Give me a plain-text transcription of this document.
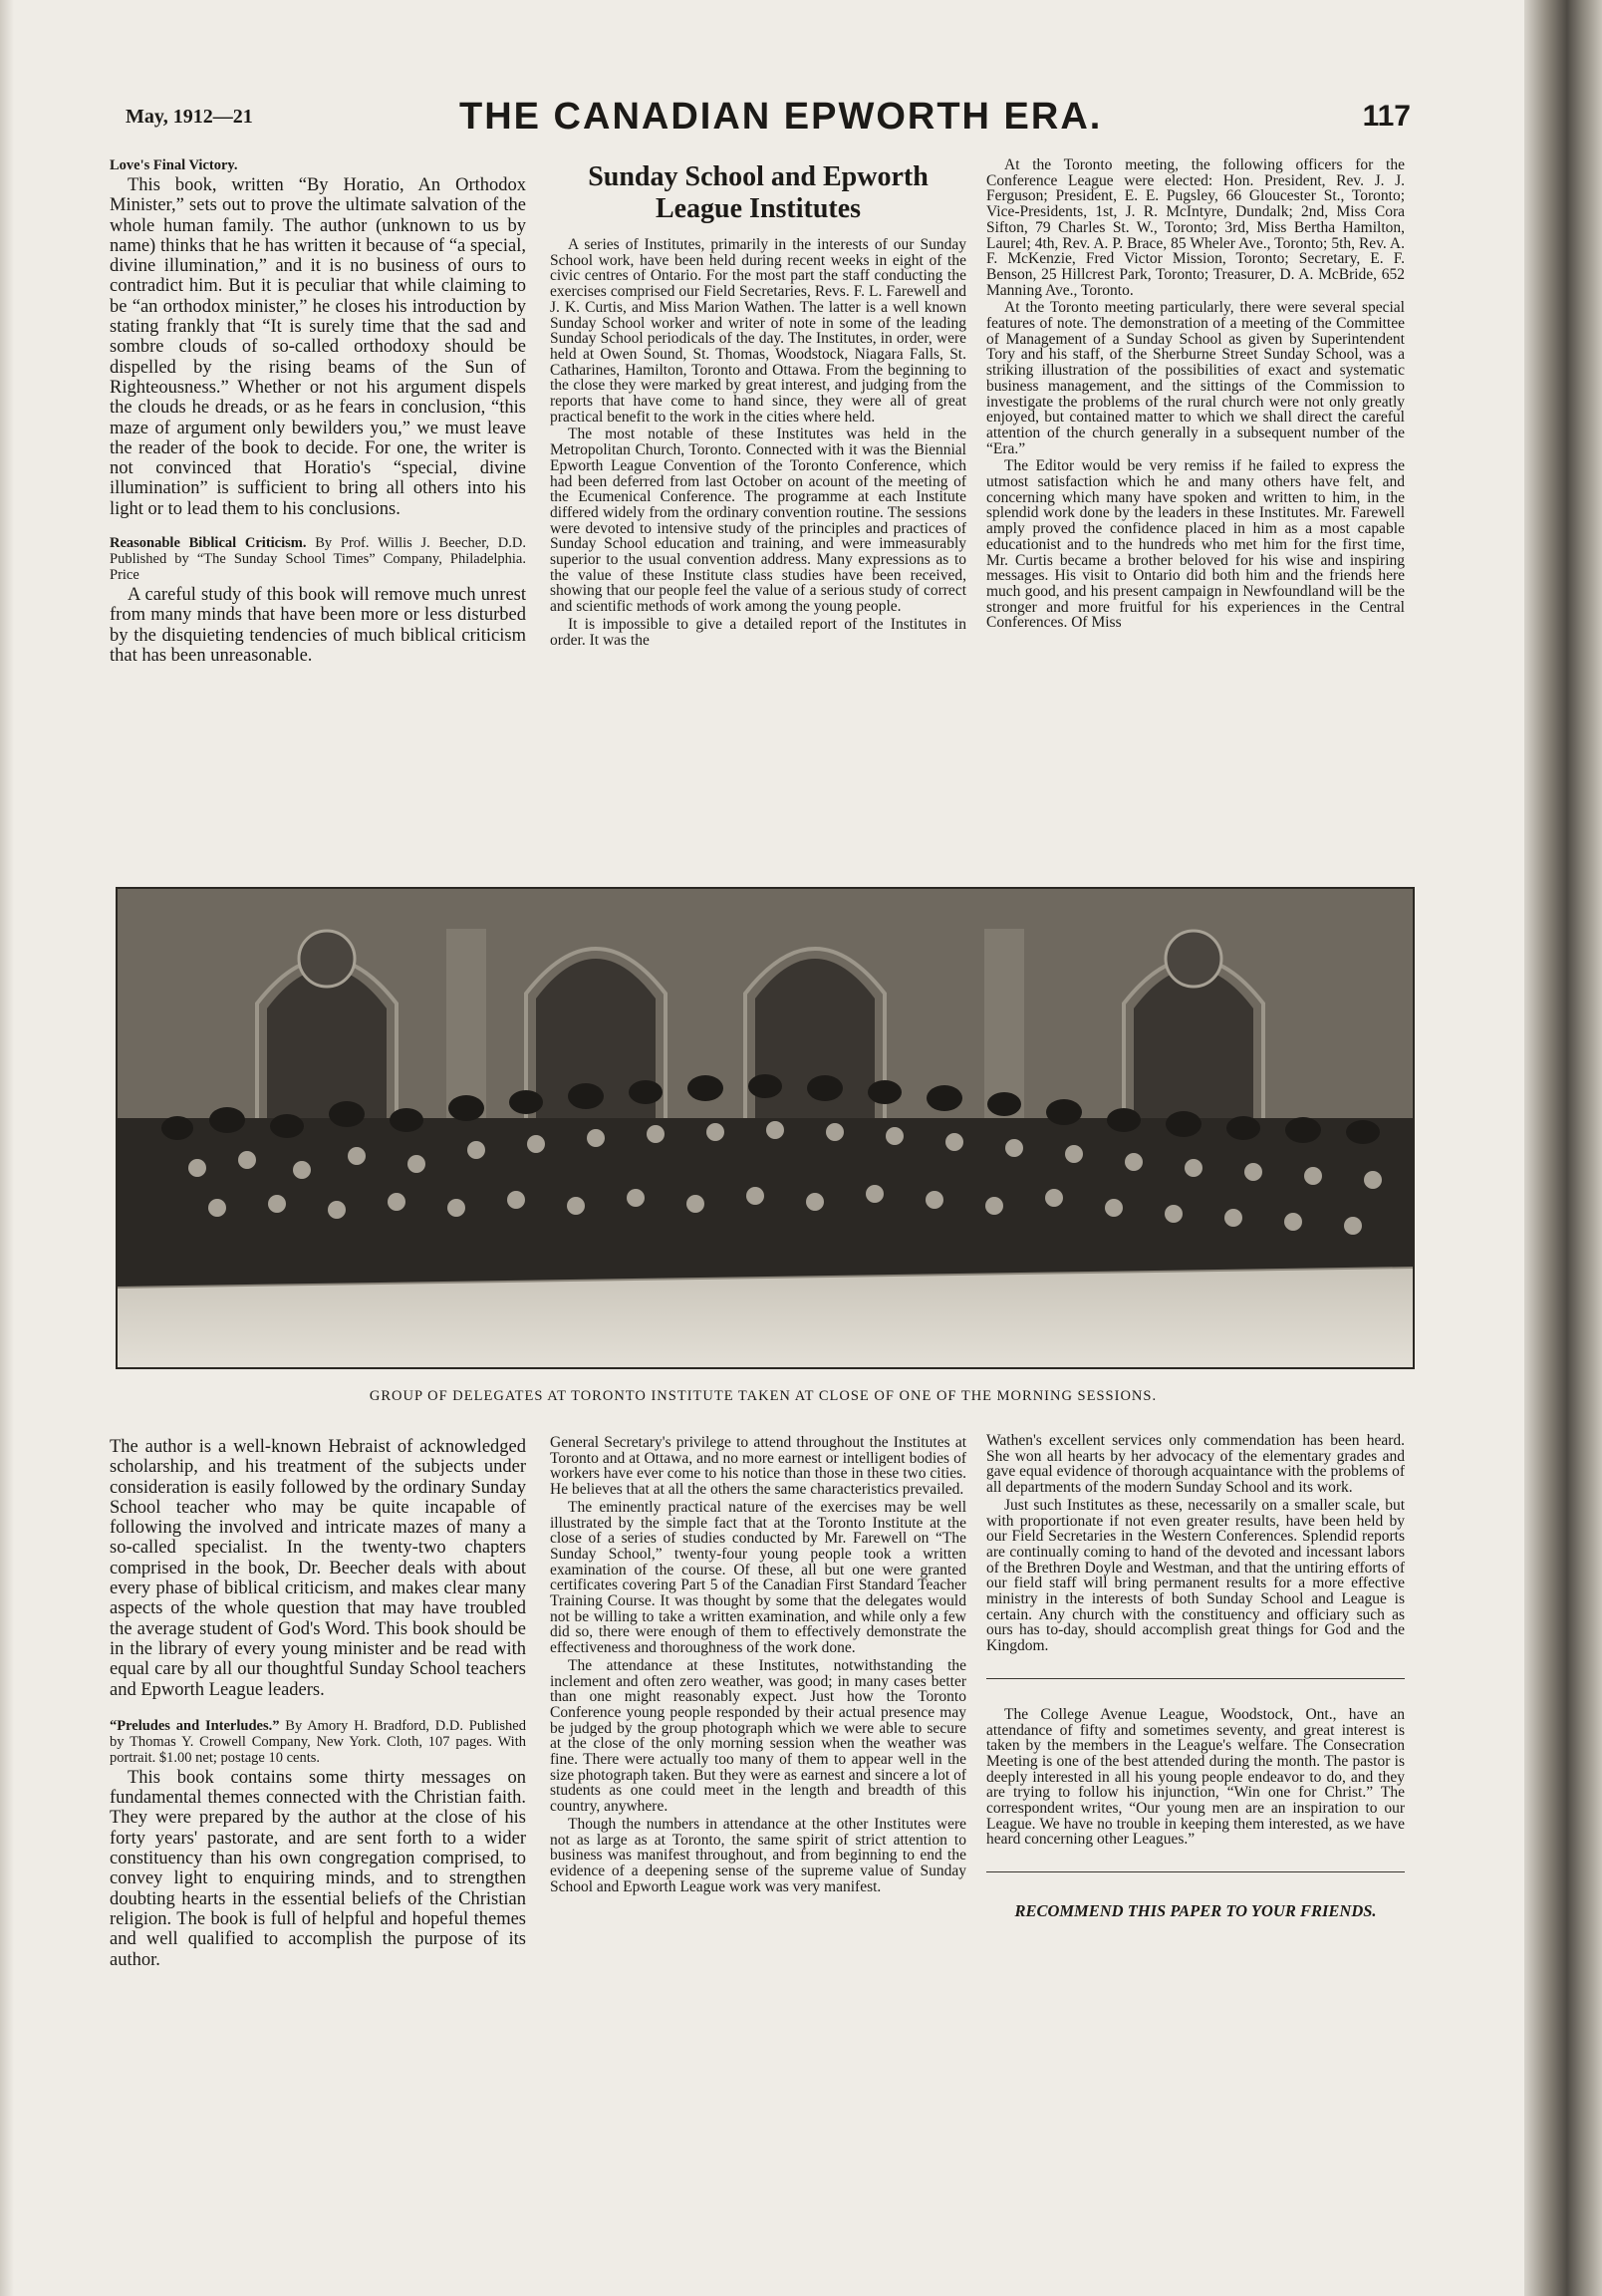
May, 1912—21	THE CANADIAN EPWORTH ERA.	117

Love's Final Victory.

This book, written “By Horatio, An Orthodox Minister,” sets out to prove the ultimate salvation of the whole human family. The author (unknown to us by name) thinks that he has written it because of “a special, divine illumination,” and it is no business of ours to contradict him. But it is peculiar that while claiming to be “an orthodox minister,” he closes his introduction by stating frankly that “It is surely time that the sad and sombre clouds of so-called orthodoxy should be dispelled by the rising beams of the Sun of Righteousness.” Whether or not his argument dispels the clouds he dreads, or as he fears in conclusion, “this maze of argument only bewilders you,” we must leave the reader of the book to decide. For one, the writer is not convinced that Horatio's “special, divine illumination” is sufficient to bring all others into his light or to lead them to his conclusions.

Reasonable Biblical Criticism. By Prof. Willis J. Beecher, D.D. Published by “The Sunday School Times” Company, Philadelphia. Price

A careful study of this book will remove much unrest from many minds that have been more or less disturbed by the disquieting tendencies of much biblical criticism that has been unreasonable.

Sunday School and Epworth League Institutes

A series of Institutes, primarily in the interests of our Sunday School work, have been held during recent weeks in eight of the civic centres of Ontario. For the most part the staff conducting the exercises comprised our Field Secretaries, Revs. F. L. Farewell and J. K. Curtis, and Miss Marion Wathen. The latter is a well known Sunday School worker and writer of note in some of the leading Sunday School periodicals of the day. The Institutes, in order, were held at Owen Sound, St. Thomas, Woodstock, Niagara Falls, St. Catharines, Hamilton, Toronto and Ottawa. From the beginning to the close they were marked by great interest, and judging from the reports that have come to hand since, they were all of great practical benefit to the work in the cities where held.

The most notable of these Institutes was held in the Metropolitan Church, Toronto. Connected with it was the Biennial Epworth League Convention of the Toronto Conference, which had been deferred from last October on acount of the meeting of the Ecumenical Conference. The programme at each Institute differed widely from the ordinary convention routine. The sessions were devoted to intensive study of the principles and practices of Sunday School education and training, and were immeasurably superior to the usual convention address. Many expressions as to the value of these Institute class studies have been received, showing that our people feel the value of a serious study of correct and scientific methods of work among the young people.

It is impossible to give a detailed report of the Institutes in order. It was the

At the Toronto meeting, the following officers for the Conference League were elected: Hon. President, Rev. J. J. Ferguson; President, E. E. Pugsley, 66 Gloucester St., Toronto; Vice-Presidents, 1st, J. R. McIntyre, Dundalk; 2nd, Miss Cora Sifton, 79 Charles St. W., Toronto; 3rd, Miss Bertha Hamilton, Laurel; 4th, Rev. A. P. Brace, 85 Wheler Ave., Toronto; 5th, Rev. A. F. McKenzie, Fred Victor Mission, Toronto; Secretary, E. F. Benson, 25 Hillcrest Park, Toronto; Treasurer, D. A. McBride, 652 Manning Ave., Toronto.

At the Toronto meeting particularly, there were several special features of note. The demonstration of a meeting of the Committee of Management of a Sunday School as given by Superintendent Tory and his staff, of the Sherburne Street Sunday School, was a striking illustration of the possibilities of exact and systematic business management, and the sittings of the Commission to investigate the problems of the rural church were not only greatly enjoyed, but contained matter to which we shall direct the careful attention of the church generally in a subsequent number of the “Era.”

The Editor would be very remiss if he failed to express the utmost satisfaction which he and many others have felt, and concerning which many have spoken and written to him, in the splendid work done by the leaders in these Institutes. Mr. Farewell amply proved the confidence placed in him as a most capable educationist and to the hundreds who met him for the first time, Mr. Curtis became a brother beloved for his wise and inspiring messages. His visit to Ontario did both him and the friends here much good, and his present campaign in Newfoundland will be the stronger and more fruitful for his experiences in the Central Conferences. Of Miss

GROUP OF DELEGATES AT TORONTO INSTITUTE TAKEN AT CLOSE OF ONE OF THE MORNING SESSIONS.

The author is a well-known Hebraist of acknowledged scholarship, and his treatment of the subjects under consideration is easily followed by the ordinary Sunday School teacher who may be quite incapable of following the involved and intricate mazes of many a so-called specialist. In the twenty-two chapters comprised in the book, Dr. Beecher deals with about every phase of biblical criticism, and makes clear many aspects of the whole question that may have troubled the average student of God's Word. This book should be in the library of every young minister and be read with equal care by all our thoughtful Sunday School teachers and Epworth League leaders.

“Preludes and Interludes.” By Amory H. Bradford, D.D. Published by Thomas Y. Crowell Company, New York. Cloth, 107 pages. With portrait. $1.00 net; postage 10 cents.

This book contains some thirty messages on fundamental themes connected with the Christian faith. They were prepared by the author at the close of his forty years' pastorate, and are sent forth to a wider constituency than his own congregation comprised, to convey light to enquiring minds, and to strengthen doubting hearts in the essential beliefs of the Christian religion. The book is full of helpful and hopeful themes and well qualified to accomplish the purpose of its author.

General Secretary's privilege to attend throughout the Institutes at Toronto and at Ottawa, and no more earnest or intelligent bodies of workers have ever come to his notice than those in these two cities. He believes that at all the others the same characteristics prevailed.

The eminently practical nature of the exercises may be well illustrated by the simple fact that at the Toronto Institute at the close of a series of studies conducted by Mr. Farewell on “The Sunday School,” twenty-four young people took a written examination of the course. Of these, all but one were granted certificates covering Part 5 of the Canadian First Standard Teacher Training Course. It was thought by some that the delegates would not be willing to take a written examination, and while only a few did so, there were enough of them to effectively demonstrate the effectiveness and thoroughness of the work done.

The attendance at these Institutes, notwithstanding the inclement and often zero weather, was good; in many cases better than one might reasonably expect. Just how the Toronto Conference young people responded by their actual presence may be judged by the group photograph which we were able to secure at the close of the only morning session when the weather was fine. There were actually too many of them to appear well in the size photograph taken. But they were as earnest and sincere a lot of students as one could meet in the length and breadth of this country, anywhere.

Though the numbers in attendance at the other Institutes were not as large as at Toronto, the same spirit of strict attention to business was manifest throughout, and from beginning to end the evidence of a deepening sense of the supreme value of Sunday School and Epworth League work was very manifest.

Wathen's excellent services only commendation has been heard. She won all hearts by her advocacy of the elementary grades and gave equal evidence of thorough acquaintance with the problems of all departments of the modern Sunday School and its work.

Just such Institutes as these, necessarily on a smaller scale, but with proportionate if not even greater results, have been held by our Field Secretaries in the Western Conferences. Splendid reports are continually coming to hand of the devoted and incessant labors of the Brethren Doyle and Westman, and that the untiring efforts of our field staff will bring permanent results for a more effective ministry in the interests of both Sunday School and League is certain. Any church with the constituency and officiary such as ours has to-day, should accomplish great things for God and the Kingdom.

The College Avenue League, Woodstock, Ont., have an attendance of fifty and sometimes seventy, and great interest is taken by the members in the League's welfare. The Consecration Meeting is one of the best attended during the month. The pastor is deeply interested in all his young people endeavor to do, and they are trying to follow his injunction, “Win one for Christ.” The correspondent writes, “Our young men are an inspiration to our League. We have no trouble in keeping them interested, as we have heard concerning other Leagues.”

RECOMMEND THIS PAPER TO YOUR FRIENDS.
